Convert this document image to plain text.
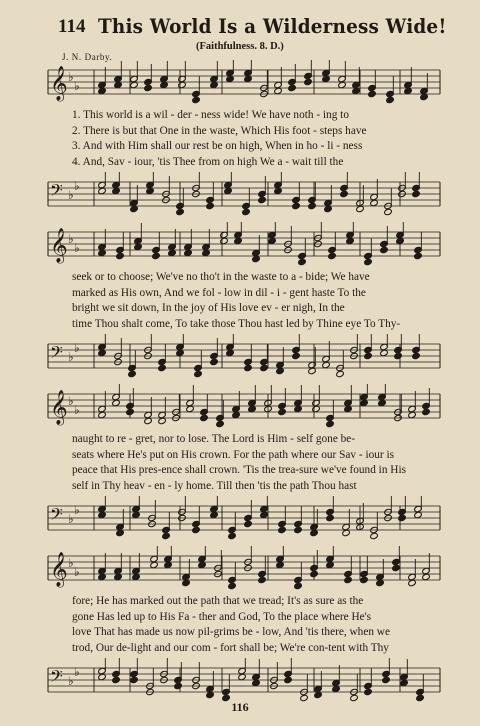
114 This World Is a Wilderness Wide!
(Faithfulness. 8. D.)
J. N. Darby.
𝄞 ♭
♭
1. This world is a wil - der - ness wide! We have noth - ing to
2. There is but that One in the waste, Which His foot - steps have
3. And with Him shall our rest be on high, When in ho - li - ness
4. And, Sav - iour, 'tis Thee from on high We a - wait till the
𝄢 ♭
♭
𝄞 ♭
♭
seek or to choose; We've no tho't in the waste to a - bide; We have
marked as His own, And we fol - low in dil - i - gent haste To the
bright we sit down, In the joy of His love ev - er nigh, In the
time Thou shalt come, To take those Thou hast led by Thine eye To Thy-
𝄢 ♭
♭
𝄞 ♭
♭
naught to re - gret, nor to lose. The Lord is Him - self gone be-
seats where He's put on His crown. For the path where our Sav - iour is
peace that His pres-ence shall crown. 'Tis the trea-sure we've found in His
self in Thy heav - en - ly home. Till then 'tis the path Thou hast
𝄢 ♭
♭
𝄞 ♭
♭
fore; He has marked out the path that we tread; It's as sure as the
gone Has led up to His Fa - ther and God, To the place where He's
love That has made us now pil-grims be - low, And 'tis there, when we
trod, Our de-light and our com - fort shall be; We're con-tent with Thy
𝄢 ♭
♭
116
